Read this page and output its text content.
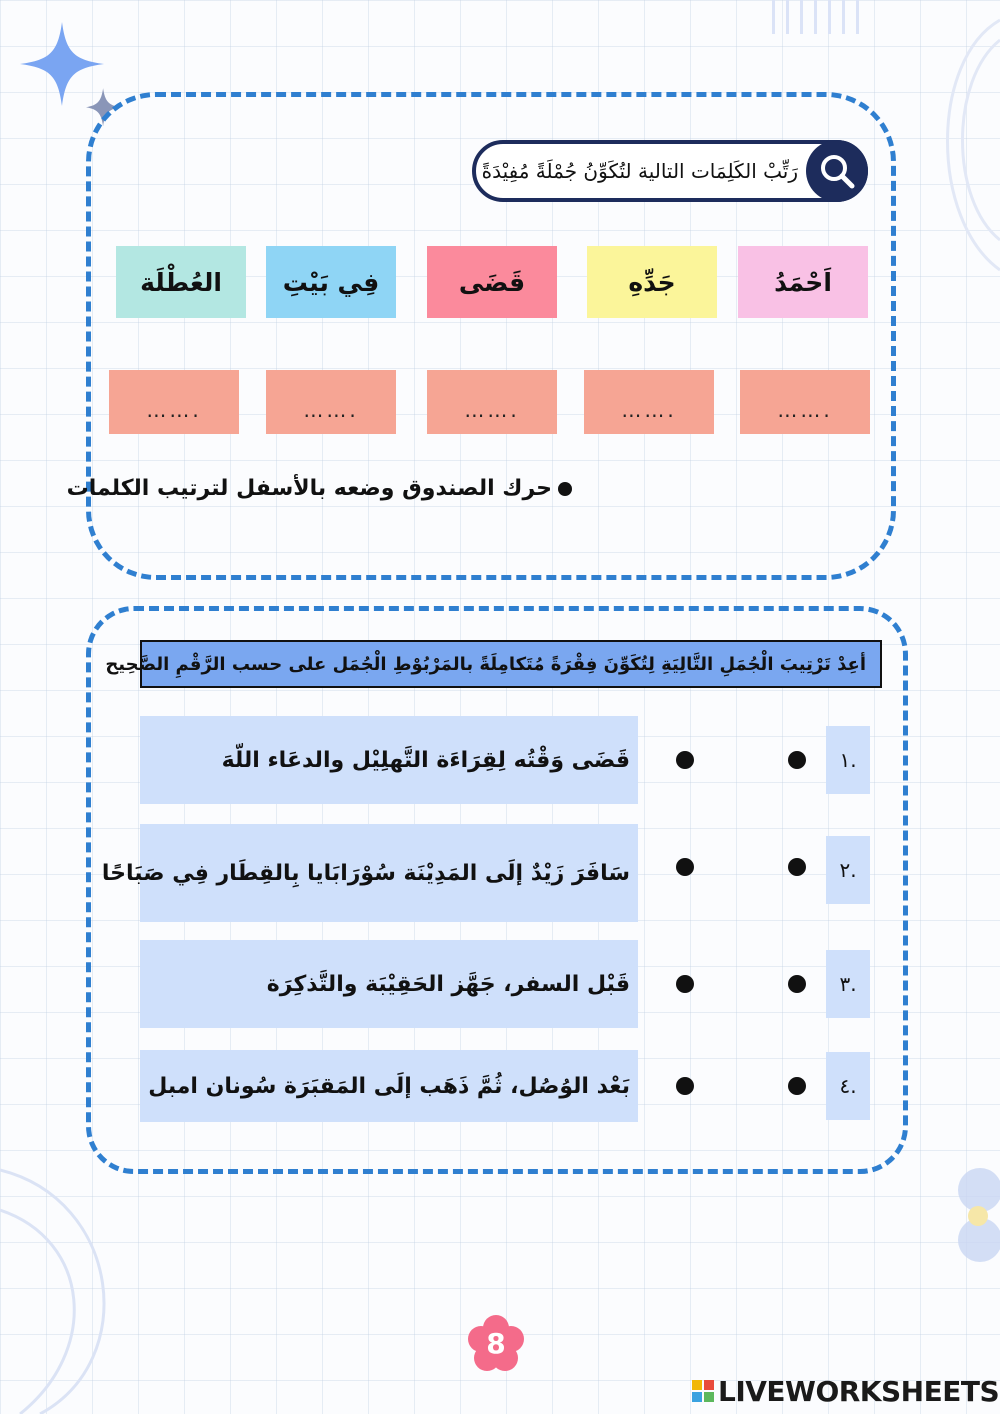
رَتِّبْ الكَلِمَات التالية لتُكَوِّنُ جُمْلَةً مُفِيْدَةً
اَحْمَدُ
جَدِّهِ
قَضَى
فِي بَيْتِ
العُطْلَة
…….
…….
…….
…….
…….
حرك الصندوق وضعه بالأسفل لترتيب الكلمات
أعِدْ تَرْتِيبَ الْجُمَلِ التَّالِيَةِ لِتُكَوِّنَ فِقْرَةً مُتَكامِلَةً بالمَرْبُوْطِ الْجُمَل على حسب الرَّقْمِ الصَّحِيح
قَضَى وَقْتُه لِقِرَاءَة التَّهلِيْل والدعَاء اللّهَ	١.
سَافَرَ زَيْدٌ إلَى المَدِيْنَة سُوْرَابَايا بِالقِطَار فِي صَبَاحًا	٢.
قَبْل السفر، جَهَّز الحَقِيْبَة والتَّذكِرَة	٣.
بَعْد الوُصُل، ثُمَّ ذَهَب إلَى المَقبَرَة سُونان امبل	٤.
8
LIVEWORKSHEETS
